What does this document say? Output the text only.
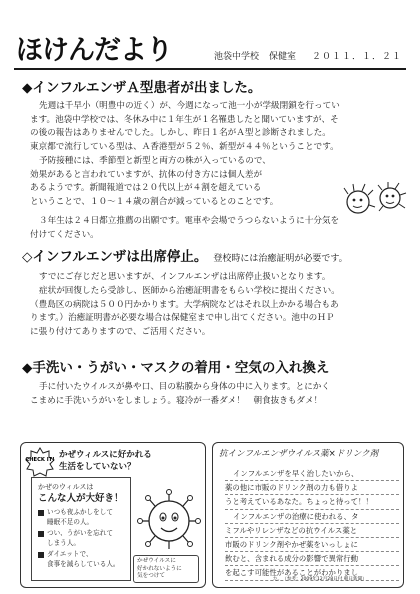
ほけんだより	池袋中学校 保健室 ２０１１．１．２１
◆インフルエンザＡ型患者が出ました。
先週は千早小（明豊中の近く）が、今週になって池一小が学級閉鎖を行ってい
ます。池袋中学校では、冬休み中に１年生が１名罹患したと聞いていますが、そ
の後の報告はありませんでした。しかし、昨日１名がＡ型と診断されました。
東京都で流行している型は、Ａ香港型が５２％、新型が４４％ということです。
予防接種には、季節型と新型と両方の株が入っているので、
効果があると言われていますが、抗体の付き方には個人差が
あるようです。新聞報道では２０代以上が４割を超えている
ということで、１０～１４歳の割合が減っているとのことです。
３年生は２４日都立推薦の出願です。電車や会場でうつらないように十分気を
付けてください。
◇インフルエンザは出席停止。 登校時には治癒証明が必要です。
すでにご存じだと思いますが、インフルエンザは出席停止扱いとなります。
症状が回復したら受診し、医師から治癒証明書をもらい学校に提出ください。
（豊島区の病院は５００円かかります。大学病院などはそれ以上かかる場合もあ
ります。）治癒証明書が必要な場合は保健室まで申し出てください。池中のＨＰ
に張り付けてありますので、ご活用ください。
◆手洗い・うがい・マスクの着用・空気の入れ換え
手に付いたウイルスが鼻や口、目の粘膜から身体の中に入ります。とにかく
こまめに手洗いうがいをしましょう。寝冷が一番ダメ！　朝食抜きもダメ！
CHECK IT! かぜウィルスに好かれる
生活をしていない？
かぜのウィルスは
こんな人が大好き！
いつも夜ふかしをして
睡眠不足の人。
つい、うがいを忘れて
しまう人。
ダイエットで、
食事を減らしている人。	かぜウイルスに
好かれないように
気をつけて
抗インフルエンザウイルス薬×ドリンク剤
インフルエンザを早く治したいから、
薬の他に市販のドリンク剤の力も借りよ
うと考えているあなた。ちょっと待って！！
インフルエンザの治療に使われる、タ
ミフルやリレンザなどの抗ウイルス薬と
市販のドリンク剤やかぜ薬をいっしょに
飲むと、含まれる成分の影響で異常行動
を起こす可能性があることがわかりまし
た。　 （参考：2009年12月28日付 朝日新聞）
